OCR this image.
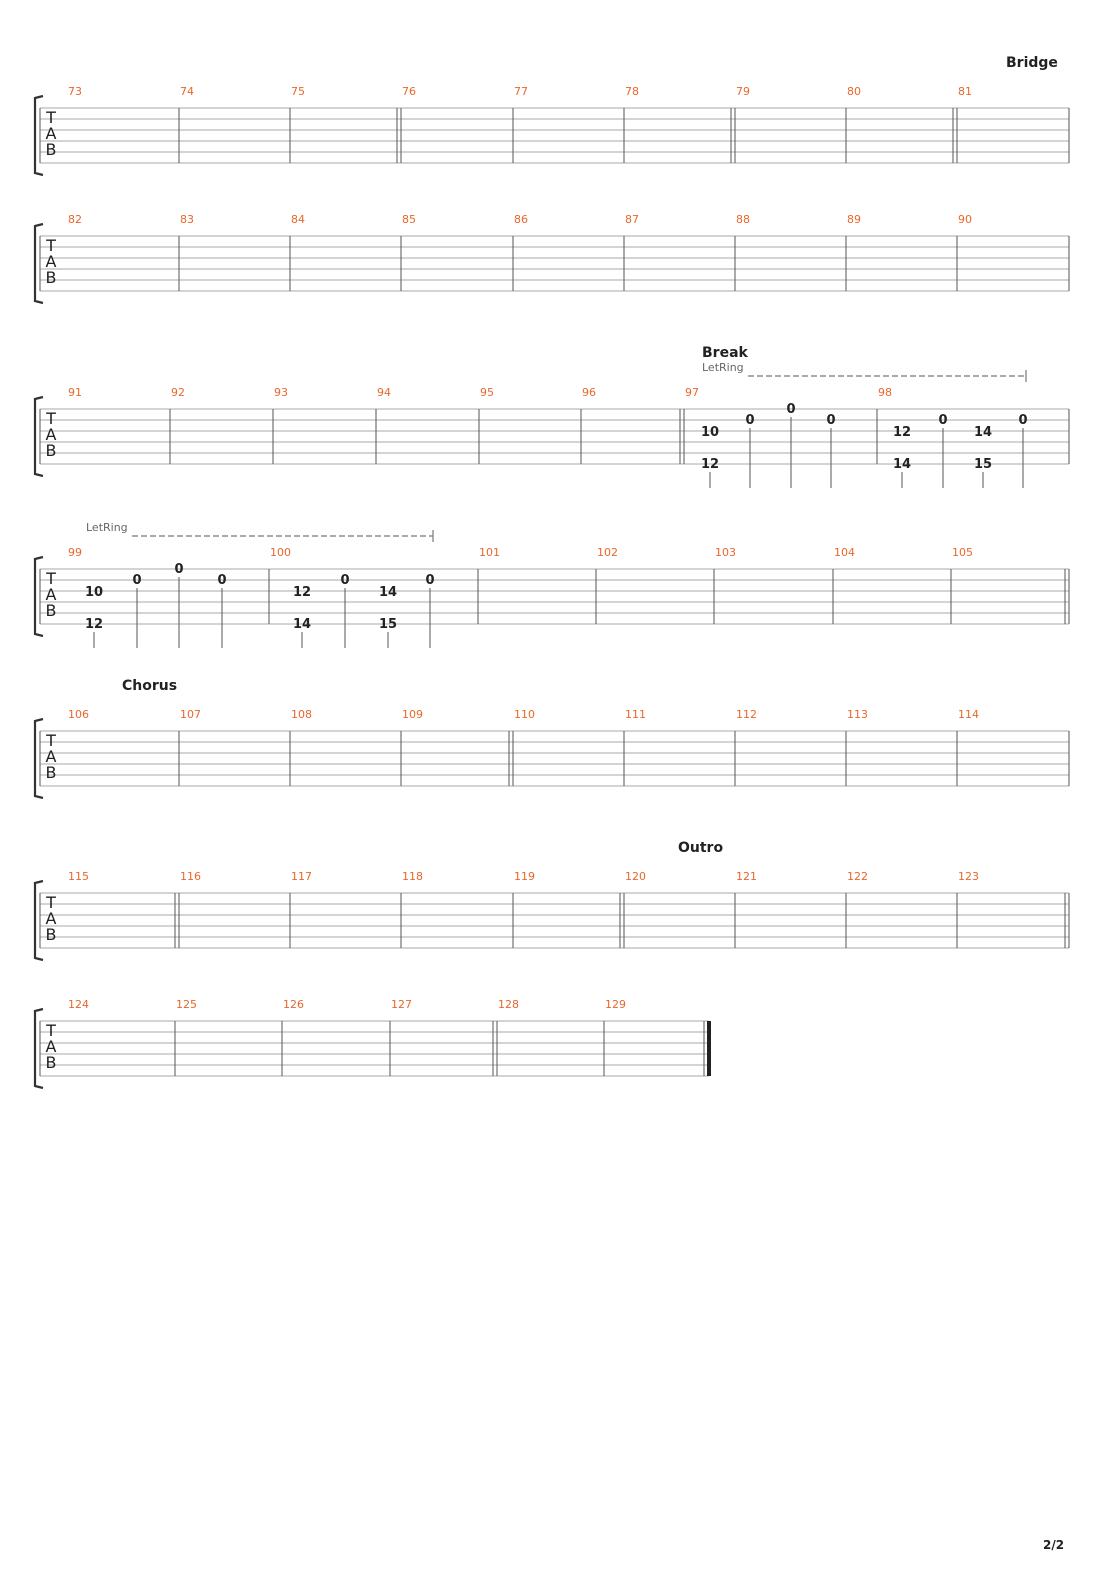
T
A
B
73	74	75	76	77	78	79	80	81
Bridge
T
A
B
82	83	84	85	86	87	88	89	90
T
A
B
91	92	93	94	95	96	97	98
Break
LetRing
10
12
0
0
0
12
14
0
14
15
0
T
A
B
99	100	101	102	103	104	105
LetRing
10
12
0
0
0
12
14
0
14
15
0
T
A
B
106	107	108	109	110	111	112	113	114
Chorus
T
A
B
115	116	117	118	119	120	121	122	123
Outro
T
A
B
124	125	126	127	128	129
2/2
